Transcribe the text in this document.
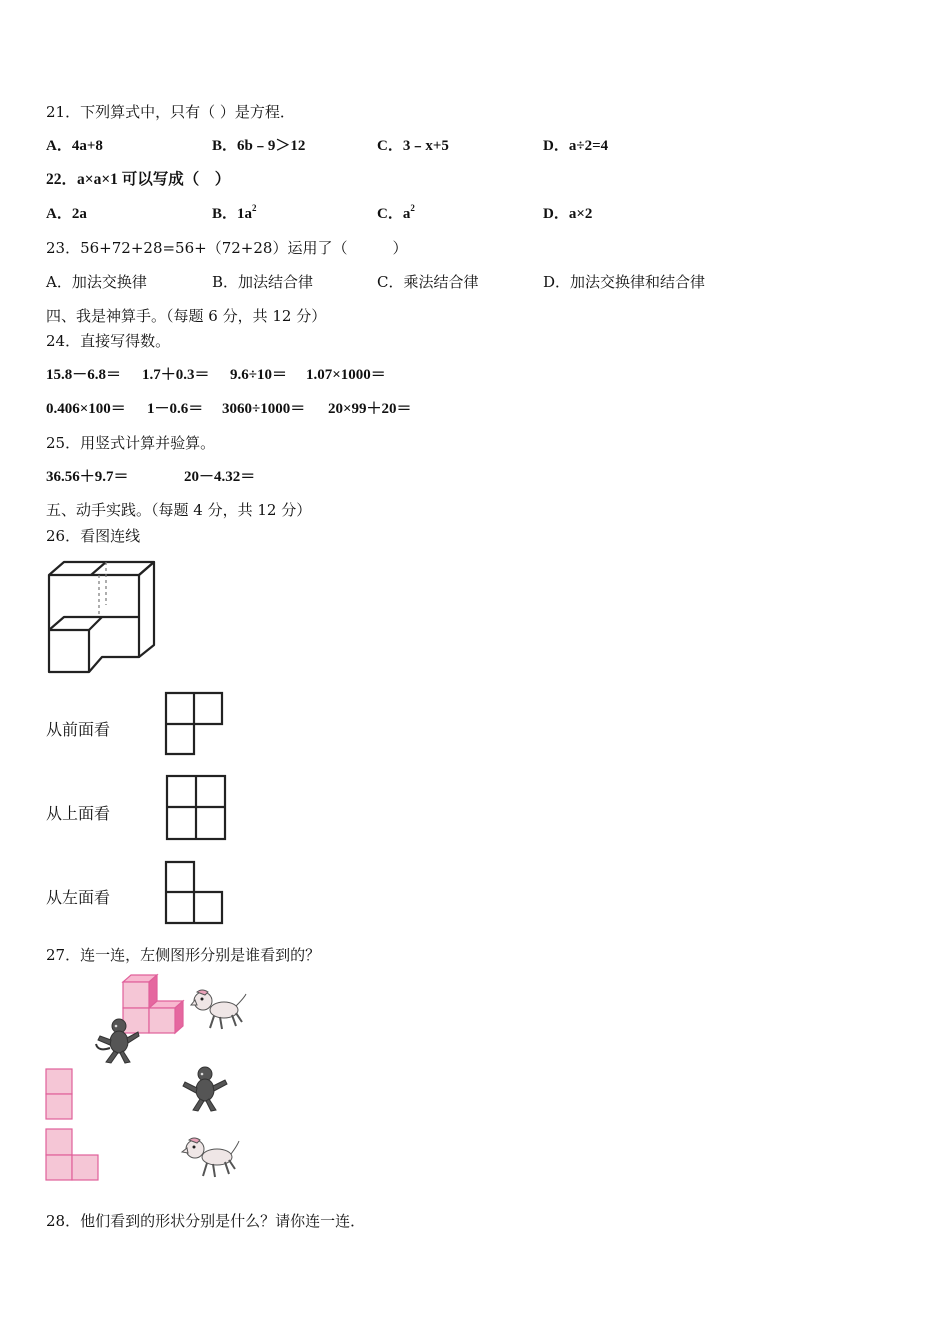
21．下列算式中，只有（ ）是方程．
A．4a+8	B．6b﹣9＞12	C．3﹣x+5	D．a÷2=4
22．a×a×1 可以写成（　）
A．2a	B．$1a^2$	C．$a^2$	D．a×2
23．56+72+28=56+（72+28）运用了（　　　）
A．加法交换律	B．加法结合律	C．乘法结合律	D．加法交换律和结合律
四、我是神算手。（每题 6 分，共 12 分）
24．直接写得数。
15.8－6.8＝ 1.7＋0.3＝ 9.6÷10＝ 1.07×1000＝
0.406×100＝ 1－0.6＝ 3060÷1000＝ 20×99＋20＝
25．用竖式计算并验算。
36.56＋9.7＝	20－4.32＝
五、动手实践。（每题 4 分，共 12 分）
26．看图连线
从前面看
从上面看
从左面看
27．连一连，左侧图形分别是谁看到的？
28．他们看到的形状分别是什么？请你连一连．
